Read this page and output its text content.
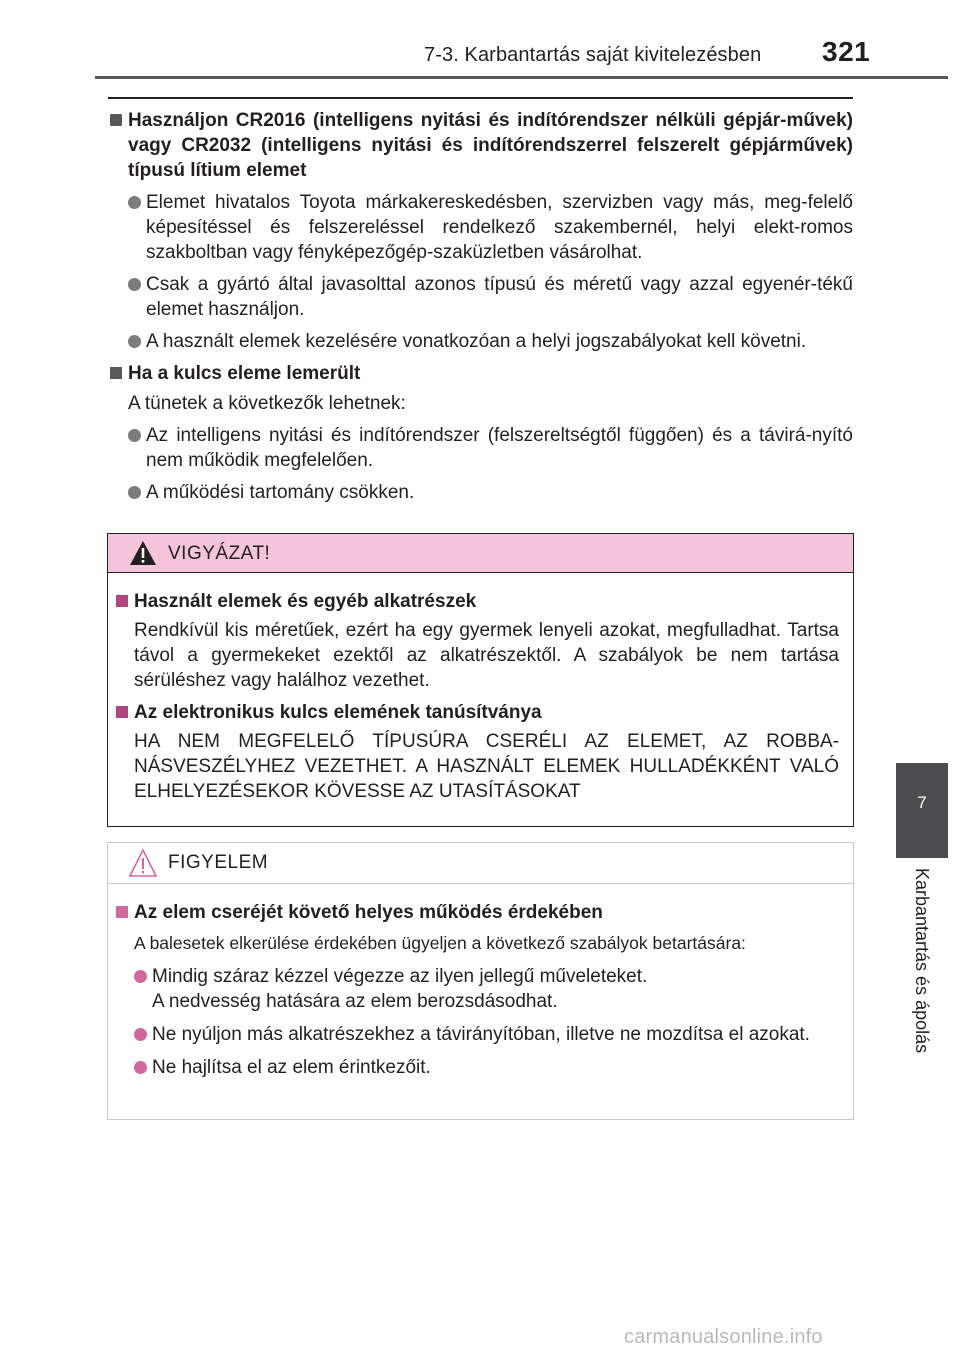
7-3. Karbantartás saját kivitelezésben 321
Használjon CR2016 (intelligens nyitási és indítórendszer nélküli gépjár-művek) vagy CR2032 (intelligens nyitási és indítórendszerrel felszerelt gépjárművek) típusú lítium elemet
Elemet hivatalos Toyota márkakereskedésben, szervizben vagy más, meg-felelő képesítéssel és felszereléssel rendelkező szakembernél, helyi elekt-romos szakboltban vagy fényképezőgép-szaküzletben vásárolhat.
Csak a gyártó által javasolttal azonos típusú és méretű vagy azzal egyenér-tékű elemet használjon.
A használt elemek kezelésére vonatkozóan a helyi jogszabályokat kell követni.
Ha a kulcs eleme lemerült
A tünetek a következők lehetnek:
Az intelligens nyitási és indítórendszer (felszereltségtől függően) és a távirá-nyító nem működik megfelelően.
A működési tartomány csökken.
VIGYÁZAT!
Használt elemek és egyéb alkatrészek
Rendkívül kis méretűek, ezért ha egy gyermek lenyeli azokat, megfulladhat. Tartsa távol a gyermekeket ezektől az alkatrészektől. A szabályok be nem tartása sérüléshez vagy halálhoz vezethet.
Az elektronikus kulcs elemének tanúsítványa
HA NEM MEGFELELŐ TÍPUSÚRA CSERÉLI AZ ELEMET, AZ ROBBA-NÁSVESZÉLYHEZ VEZETHET. A HASZNÁLT ELEMEK HULLADÉKKÉNT VALÓ ELHELYEZÉSEKOR KÖVESSE AZ UTASÍTÁSOKAT
FIGYELEM
Az elem cseréjét követő helyes működés érdekében
A balesetek elkerülése érdekében ügyeljen a következő szabályok betartására:
Mindig száraz kézzel végezze az ilyen jellegű műveleteket.
A nedvesség hatására az elem berozsdásodhat.
Ne nyúljon más alkatrészekhez a távirányítóban, illetve ne mozdítsa el azokat.
Ne hajlítsa el az elem érintkezőit.
7
Karbantartás és ápolás
carmanualsonline.info
